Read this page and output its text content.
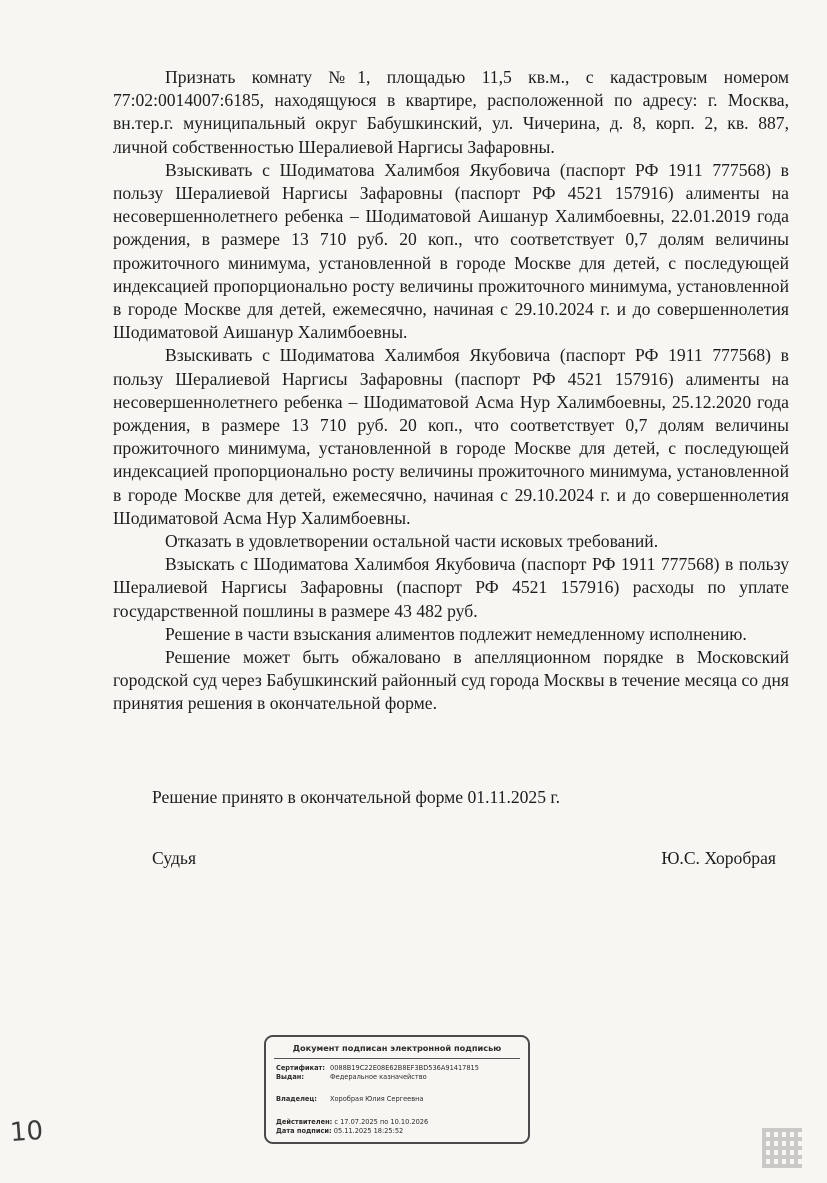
Признать комнату №1, площадью 11,5 кв.м., с кадастровым номером 77:02:0014007:6185, находящуюся в квартире, расположенной по адресу: г. Москва, вн.тер.г. муниципальный округ Бабушкинский, ул. Чичерина, д. 8, корп. 2, кв. 887, личной собственностью Шералиевой Наргисы Зафаровны.

Взыскивать с Шодиматова Халимбоя Якубовича (паспорт РФ 1911 777568) в пользу Шералиевой Наргисы Зафаровны (паспорт РФ 4521 157916) алименты на несовершеннолетнего ребенка – Шодиматовой Аишанур Халимбоевны, 22.01.2019 года рождения, в размере 13 710 руб. 20 коп., что соответствует 0,7 долям величины прожиточного минимума, установленной в городе Москве для детей, с последующей индексацией пропорционально росту величины прожиточного минимума, установленной в городе Москве для детей, ежемесячно, начиная с 29.10.2024 г. и до совершеннолетия Шодиматовой Аишанур Халимбоевны.

Взыскивать с Шодиматова Халимбоя Якубовича (паспорт РФ 1911 777568) в пользу Шералиевой Наргисы Зафаровны (паспорт РФ 4521 157916) алименты на несовершеннолетнего ребенка – Шодиматовой Асма Нур Халимбоевны, 25.12.2020 года рождения, в размере 13 710 руб. 20 коп., что соответствует 0,7 долям величины прожиточного минимума, установленной в городе Москве для детей, с последующей индексацией пропорционально росту величины прожиточного минимума, установленной в городе Москве для детей, ежемесячно, начиная с 29.10.2024 г. и до совершеннолетия Шодиматовой Асма Нур Халимбоевны.

Отказать в удовлетворении остальной части исковых требований.

Взыскать с Шодиматова Халимбоя Якубовича (паспорт РФ 1911 777568) в пользу Шералиевой Наргисы Зафаровны (паспорт РФ 4521 157916) расходы по уплате государственной пошлины в размере 43 482 руб.

Решение в части взыскания алиментов подлежит немедленному исполнению.

Решение может быть обжаловано в апелляционном порядке в Московский городской суд через Бабушкинский районный суд города Москвы в течение месяца со дня принятия решения в окончательной форме.

Решение принято в окончательной форме 01.11.2025 г.
Судья	Ю.С. Хоробрая
Документ подписан электронной подписью
Сертификат: 0088B19C22E08E62B8EF3BD536A91417815
Выдан:	Федеральное казначейство
Владелец: Хоробрая Юлия Сергеевна
Действителен: с 17.07.2025 по 10.10.2026
Дата подписи: 05.11.2025 18:25:52
10
